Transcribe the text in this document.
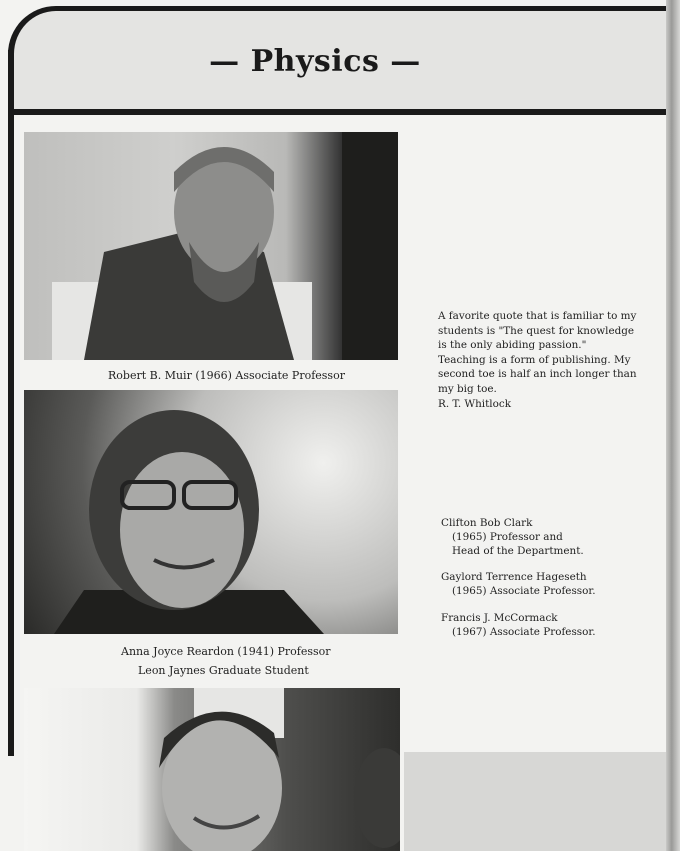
— Physics —
Robert B. Muir (1966) Associate Professor
Anna Joyce Reardon (1941) Professor
Leon Jaynes Graduate Student

A favorite quote that is familiar to my students is "The quest for knowledge is the only abiding passion."

Teaching is a form of publishing. My second toe is half an inch longer than my big toe.

R. T. Whitlock

Clifton Bob Clark
(1965) Professor and
Head of the Department.
Gaylord Terrence Hageseth
(1965) Associate Professor.
Francis J. McCormack
(1967) Associate Professor.
